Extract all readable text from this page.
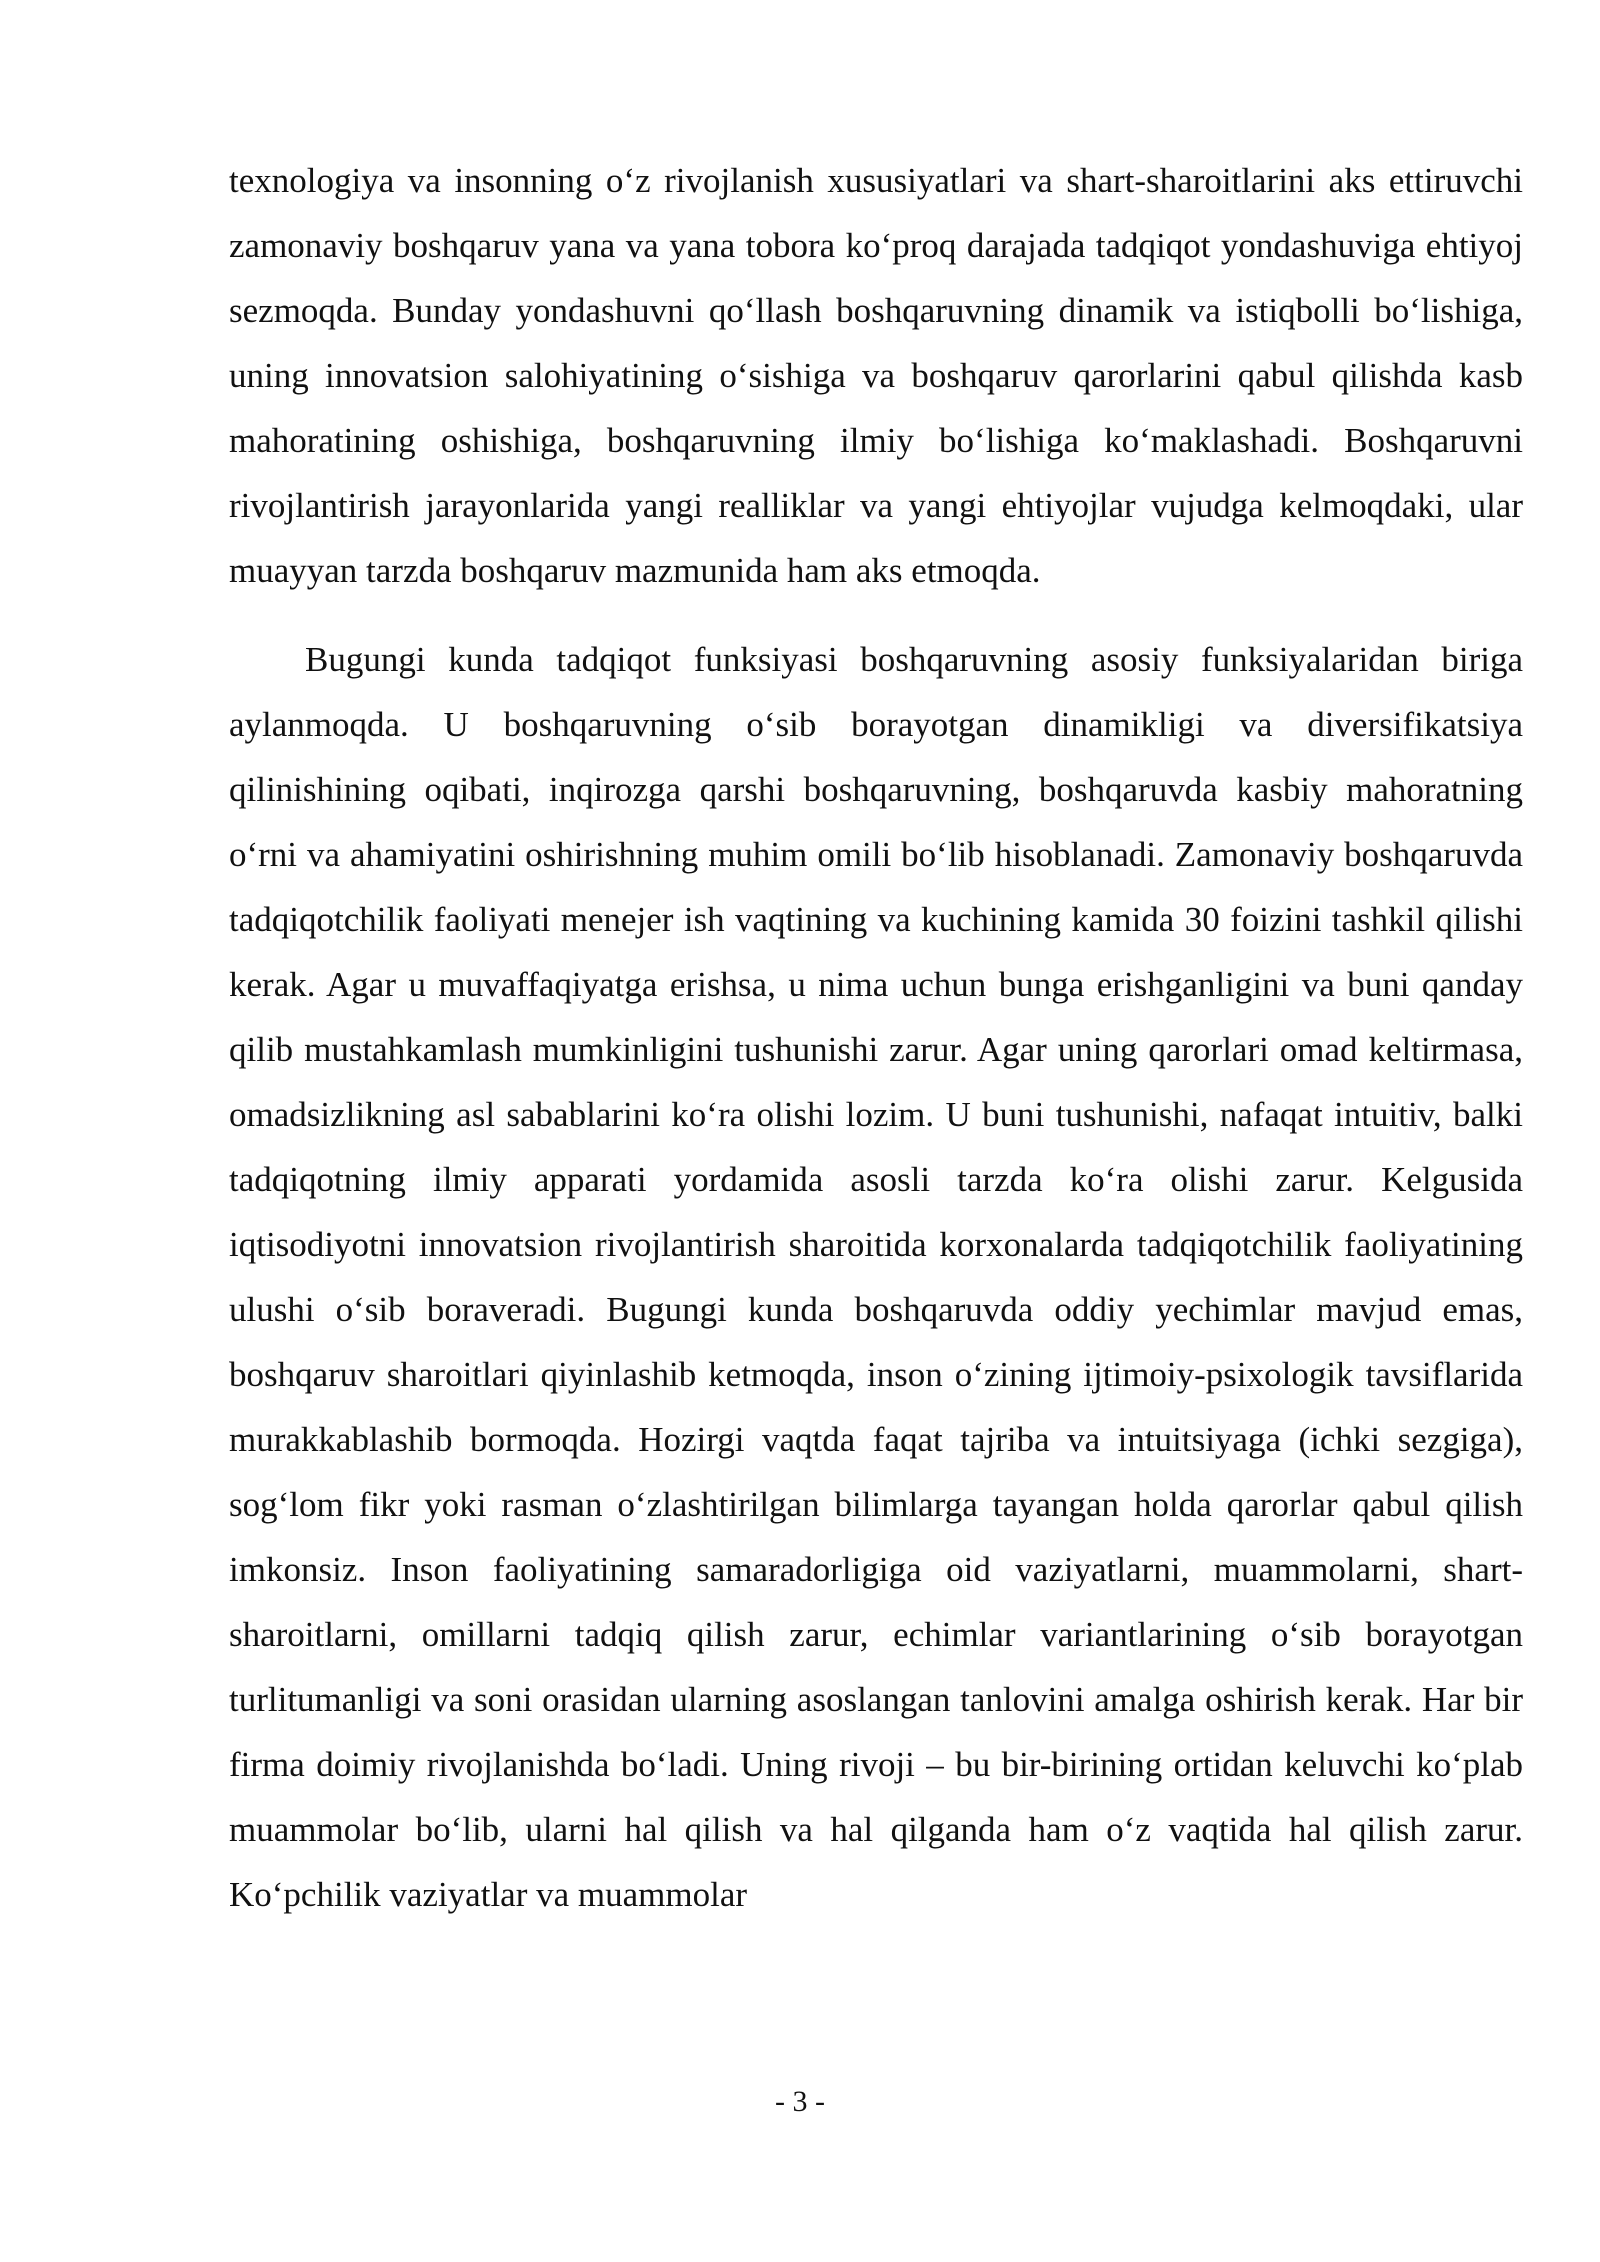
texnologiya va insonning o‘z rivojlanish xususiyatlari va shart-sharoitlarini aks ettiruvchi zamonaviy boshqaruv yana va yana tobora ko‘proq darajada tadqiqot yondashuviga ehtiyoj sezmoqda. Bunday yondashuvni qo‘llash boshqaruvning dinamik va istiqbolli bo‘lishiga, uning innovatsion salohiyatining o‘sishiga va boshqaruv qarorlarini qabul qilishda kasb mahoratining oshishiga, boshqaruvning ilmiy bo‘lishiga ko‘maklashadi. Boshqaruvni rivojlantirish jarayonlarida yangi realliklar va yangi ehtiyojlar vujudga kelmoqdaki, ular muayyan tarzda boshqaruv mazmunida ham aks etmoqda.

Bugungi kunda tadqiqot funksiyasi boshqaruvning asosiy funksiyalaridan biriga aylanmoqda. U boshqaruvning o‘sib borayotgan dinamikligi va diversifikatsiya qilinishining oqibati, inqirozga qarshi boshqaruvning, boshqaruvda kasbiy mahoratning o‘rni va ahamiyatini oshirishning muhim omili bo‘lib hisoblanadi. Zamonaviy boshqaruvda tadqiqotchilik faoliyati menejer ish vaqtining va kuchining kamida 30 foizini tashkil qilishi kerak. Agar u muvaffaqiyatga erishsa, u nima uchun bunga erishganligini va buni qanday qilib mustahkamlash mumkinligini tushunishi zarur. Agar uning qarorlari omad keltirmasa, omadsizlikning asl sabablarini ko‘ra olishi lozim. U buni tushunishi, nafaqat intuitiv, balki tadqiqotning ilmiy apparati yordamida asosli tarzda ko‘ra olishi zarur. Kelgusida iqtisodiyotni innovatsion rivojlantirish sharoitida korxonalarda tadqiqotchilik faoliyatining ulushi o‘sib boraveradi. Bugungi kunda boshqaruvda oddiy yechimlar mavjud emas, boshqaruv sharoitlari qiyinlashib ketmoqda, inson o‘zining ijtimoiy-psixologik tavsiflarida murakkablashib bormoqda. Hozirgi vaqtda faqat tajriba va intuitsiyaga (ichki sezgiga), sog‘lom fikr yoki rasman o‘zlashtirilgan bilimlarga tayangan holda qarorlar qabul qilish imkonsiz. Inson faoliyatining samaradorligiga oid vaziyatlarni, muammolarni, shart-sharoitlarni, omillarni tadqiq qilish zarur, echimlar variantlarining o‘sib borayotgan turlitumanligi va soni orasidan ularning asoslangan tanlovini amalga oshirish kerak. Har bir firma doimiy rivojlanishda bo‘ladi. Uning rivoji – bu bir-birining ortidan keluvchi ko‘plab muammolar bo‘lib, ularni hal qilish va hal qilganda ham o‘z vaqtida hal qilish zarur. Ko‘pchilik vaziyatlar va muammolar

- 3 -
